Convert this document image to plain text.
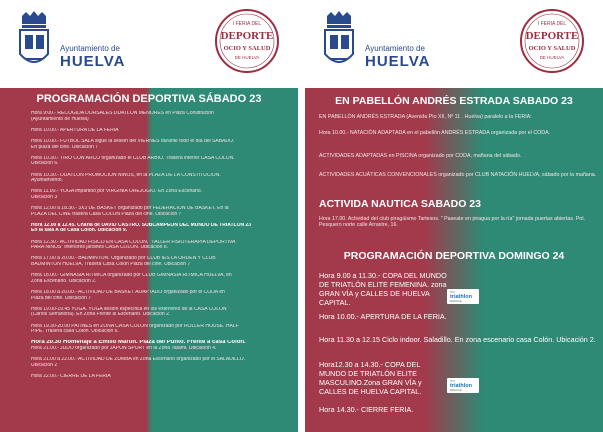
Ayuntamiento de
HUELVA
I FERIA DEL
DEPORTE
OCIO Y SALUD
DE HUELVA
PROGRAMACIÓN DEPORTIVA SÁBADO 23
Hora 9:00.- RECOGIDA DORSALES DUATLÓN MENORES en Plaza Constitución
(Ayuntamiento de Huelva)
Hora 10.00.- APERTURA DE LA FERIA
Hora 10.00.- FÚTBOL SALA sigue la sesión del VIERNES durante todo el día del SÁBADO.
En plaza del cine. Ubicación 7
Hora 10.30.- TIRO CON ARCO organizado el CLUB ARBIO. Trasera interior CASA COLÓN.
Ubicación 6.
Hora 10.30.- DUATLÓN PROMOCIÓN NIÑOS, en la PLAZA DE LA CONSTITUCIÓN.
Ayuntamiento.
Hora 11.00.- YOGA impartido por VIRGINIA OREJOGIO. En Zona Escenario.
Ubicación 3
Hora 12.00 a 18.30.- 3X3 DE BASKET organizado por FEDERACIÓN DE BASKET. En la
PLAZA DEL CINE trasera Casa COLÓN Plaza del cine. Ubicación 7
Hora 12.00 a 12.45. Charla de DAVID CASTRO. SUBCAMPEON DEL MUNDO DE TRIATLÓN 23
En la sala A de Casa Colón. Ubicación 9.
Hora 12.30.- ACTIVIDAD FÍSICO EN CASA COLÓN, "TALLER FISIOTERAPIA DEPORTIVA
PARA NIÑOS" interiores jardines CASA COLÓN. Ubicación 8.
Hora 17.00 a 20.00.- BADMINTON. Organizado por CLUB IES LA ORDEN Y CLUB
BADMINTON HUELVA. Trasera Casa Colón Plaza del cine. Ubicación 7
Hora 18.00.- GIMNASIA RÍTMICA organizado por CLUB GIMNASIA RITMICA HUELVA, en
Zona Escenario. Ubicación 2.
Hora 18.00 a 20.00.- ACTIVIDAD DE BASKET ADAPTADO organizado por el CODA en
Plaza del cine. Ubicación 7
Hora 19.00-19.45 YOGA. YOGA sesión específica en los exteriores de la CASA COLÓN
(Carlos Serranoña). En Zona Frente al Escenario. Ubicación 2.
Hora 19.30-20.00 PATINES en ZONA CASA COLÓN organizado por ROLLER HOUSE. HALF
PIPE. Trasera casa Colón. Ubicación 6.
Hora 20.30 Homenaje a Emilio Martín. Plaza del Punto. Frente a casa Colón.
Hora 21.00.- JUDO organizado por JAPON SPORT en la Zona Tatami. Ubicación 4.
Hora 21.00 a 22.00.- ACTIVIDAD DE ZUMBA en Zona Escenario organizado por el SALADILLO.
Ubicación 2
Hora 22.00.- CIERRE DE LA FERIA
Ayuntamiento de
HUELVA
I FERIA DEL
DEPORTE
OCIO Y SALUD
DE HUELVA
EN PABELLÓN ANDRÉS ESTRADA SABADO 23
EN PABELLÓN ANDRÉS ESTRADA (Avenida Pío XII, Nº 11 . Huelva) paralelo a la FERIA:
Hora 10.00.- NATACIÓN ADAPTADA en el pabellón ANDRÉS ESTRADA organizada por el CODA.
ACTIVIDADES ADAPTADAS en PISCINA organizado por CODA, mañana del sábado.
ACTIVIDADES ACUÁTICAS CONVENCIONALES organizado por CLUB NATACIÓN HUELVA, sábado por la mañana.
ACTIVIDA NAUTICA SABADO 23
Hora 17.00. Actividad del club piragüismo Tartesos. " Paseate en piragua por la ría" jornada puertas abiertas. Pol. Pesquero norte calle Arrastre, 16.
PROGRAMACIÓN DEPORTIVA DOMINGO 24
Hora 9.00 a 11.30.- COPA DEL MUNDO DE TRIATLÓN ELITE FEMENINA. zona GRAN VÍA y CALLES DE HUELVA CAPITAL.
ITU
triathlon
World Cup
Hora 10.00.- APERTURA DE LA FERIA.
Hora 11.30 a 12.15 Ciclo indoor. Saladillo. En zona escenario casa Colón. Ubicación 2.
Hora12.30 a 14.30.- COPA DEL MUNDO DE TRIATLÓN ELITE MASCULINO.Zona GRAN VÍA y CALLES DE HUELVA CAPITAL.
ITU
triathlon
World Cup
Hora 14.30.- CIERRE FERIA.
